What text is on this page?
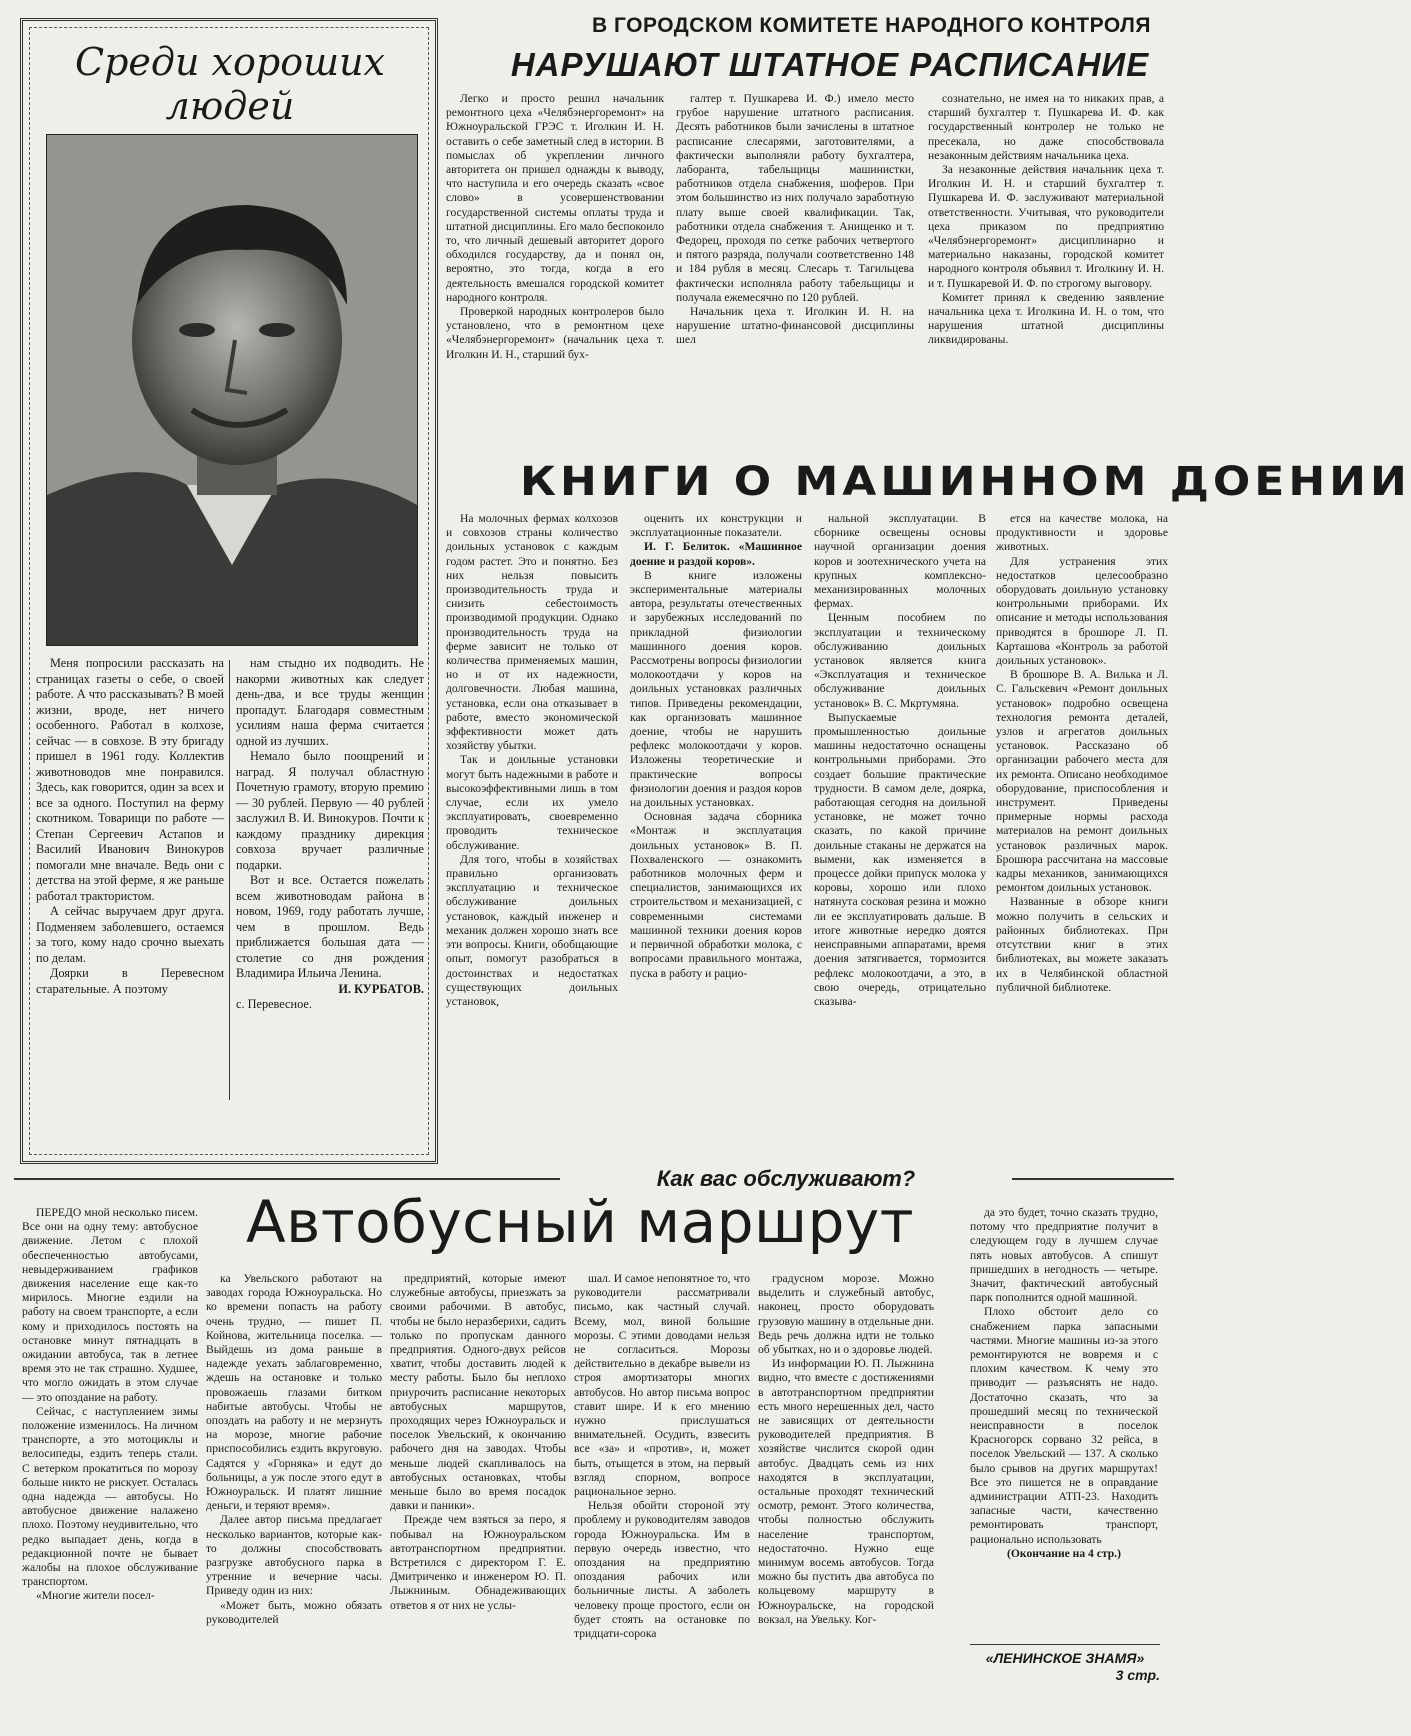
Среди хороших людей

Меня попросили рассказать на страницах газеты о себе, о своей работе. А что рассказывать? В моей жизни, вроде, нет ничего особенного. Работал в колхозе, сейчас — в совхозе. В эту бригаду пришел в 1961 году. Коллектив животноводов мне понравился. Здесь, как говорится, один за всех и все за одного. Поступил на ферму скотником. Товарищи по работе — Степан Сергеевич Астапов и Василий Иванович Винокуров помогали мне вначале. Ведь они с детства на этой ферме, я же раньше работал трактористом.

А сейчас выручаем друг друга. Подменяем заболевшего, остаемся за того, кому надо срочно выехать по делам.

Доярки в Перевесном старательные. А поэтому

нам стыдно их подводить. Не накорми животных как следует день-два, и все труды женщин пропадут. Благодаря совместным усилиям наша ферма считается одной из лучших.

Немало было поощрений и наград. Я получал областную Почетную грамоту, вторую премию — 30 рублей. Первую — 40 рублей заслужил В. И. Винокуров. Почти к каждому празднику дирекция совхоза вручает различные подарки.

Вот и все. Остается пожелать всем животноводам района в новом, 1969, году работать лучше, чем в прошлом. Ведь приближается большая дата — столетие со дня рождения Владимира Ильича Ленина.

И. КУРБАТОВ.
с. Перевесное.
В ГОРОДСКОМ КОМИТЕТЕ НАРОДНОГО КОНТРОЛЯ
НАРУШАЮТ ШТАТНОЕ РАСПИСАНИЕ

Легко и просто решил начальник ремонтного цеха «Челябэнергоремонт» на Южноуральской ГРЭС т. Иголкин И. Н. оставить о себе заметный след в истории. В помыслах об укреплении личного авторитета он пришел однажды к выводу, что наступила и его очередь сказать «свое слово» в усовершенствовании государственной системы оплаты труда и штатной дисциплины. Его мало беспокоило то, что личный дешевый авторитет дорого обходился государству, да и понял он, вероятно, это тогда, когда в его деятельность вмешался городской комитет народного контроля.

Проверкой народных контролеров было установлено, что в ремонтном цехе «Челябэнергоремонт» (начальник цеха т. Иголкин И. Н., старший бух-

галтер т. Пушкарева И. Ф.) имело место грубое нарушение штатного расписания. Десять работников были зачислены в штатное расписание слесарями, заготовителями, а фактически выполняли работу бухгалтера, лаборанта, табельщицы машинистки, работников отдела снабжения, шоферов. При этом большинство из них получало заработную плату выше своей квалификации. Так, работники отдела снабжения т. Анищенко и т. Федорец, проходя по сетке рабочих четвертого и пятого разряда, получали соответственно 148 и 184 рубля в месяц. Слесарь т. Тагильцева фактически исполняла работу табельщицы и получала ежемесячно по 120 рублей.

Начальник цеха т. Иголкин И. Н. на нарушение штатно-финансовой дисциплины шел

сознательно, не имея на то никаких прав, а старший бухгалтер т. Пушкарева И. Ф. как государственный контролер не только не пресекала, но даже способствовала незаконным действиям начальника цеха.

За незаконные действия начальник цеха т. Иголкин И. Н. и старший бухгалтер т. Пушкарева И. Ф. заслуживают материальной ответственности. Учитывая, что руководители цеха приказом по предприятию «Челябэнергоремонт» дисциплинарно и материально наказаны, городской комитет народного контроля объявил т. Иголкину И. Н. и т. Пушкаревой И. Ф. по строгому выговору.

Комитет принял к сведению заявление начальника цеха т. Иголкина И. Н. о том, что нарушения штатной дисциплины ликвидированы.

КНИГИ О МАШИННОМ ДОЕНИИ

На молочных фермах колхозов и совхозов страны количество доильных установок с каждым годом растет. Это и понятно. Без них нельзя повысить производительность труда и снизить себестоимость производимой продукции. Однако производительность труда на ферме зависит не только от количества применяемых машин, но и от их надежности, долговечности. Любая машина, установка, если она отказывает в работе, вместо экономической эффективности может дать хозяйству убытки.

Так и доильные установки могут быть надежными в работе и высокоэффективными лишь в том случае, если их умело эксплуатировать, своевременно проводить техническое обслуживание.

Для того, чтобы в хозяйствах правильно организовать эксплуатацию и техническое обслуживание доильных установок, каждый инженер и механик должен хорошо знать все эти вопросы. Книги, обобщающие опыт, помогут разобраться в достоинствах и недостатках существующих доильных установок,

оценить их конструкции и эксплуатационные показатели.

И. Г. Белиток. «Машинное доение и раздой коров».

В книге изложены экспериментальные материалы автора, результаты отечественных и зарубежных исследований по прикладной физиологии машинного доения коров. Рассмотрены вопросы физиологии молокоотдачи у коров на доильных установках различных типов. Приведены рекомендации, как организовать машинное доение, чтобы не нарушить рефлекс молокоотдачи у коров. Изложены теоретические и практические вопросы физиологии доения и раздоя коров на доильных установках.

Основная задача сборника «Монтаж и эксплуатация доильных установок» В. П. Похваленского — ознакомить работников молочных ферм и специалистов, занимающихся их строительством и механизацией, с современными системами машинной техники доения коров и первичной обработки молока, с вопросами правильного монтажа, пуска в работу и рацио-

нальной эксплуатации. В сборнике освещены основы научной организации доения коров и зоотехнического учета на крупных комплексно-механизированных молочных фермах.

Ценным пособием по эксплуатации и техническому обслуживанию доильных установок является книга «Эксплуатация и техническое обслуживание доильных установок» В. С. Мкртумяна.

Выпускаемые промышленностью доильные машины недостаточно оснащены контрольными приборами. Это создает большие практические трудности. В самом деле, доярка, работающая сегодня на доильной установке, не может точно сказать, по какой причине доильные стаканы не держатся на вымени, как изменяется в процессе дойки припуск молока у коровы, хорошо или плохо натянута сосковая резина и можно ли ее эксплуатировать дальше. В итоге животные нередко доятся неисправными аппаратами, время доения затягивается, тормозится рефлекс молокоотдачи, а это, в свою очередь, отрицательно сказыва-

ется на качестве молока, на продуктивности и здоровье животных.

Для устранения этих недостатков целесообразно оборудовать доильную установку контрольными приборами. Их описание и методы использования приводятся в брошюре Л. П. Карташова «Контроль за работой доильных установок».

В брошюре В. А. Вилька и Л. С. Гальскевич «Ремонт доильных установок» подробно освещена технология ремонта деталей, узлов и агрегатов доильных установок. Рассказано об организации рабочего места для их ремонта. Описано необходимое оборудование, приспособления и инструмент. Приведены примерные нормы расхода материалов на ремонт доильных установок различных марок. Брошюра рассчитана на массовые кадры механиков, занимающихся ремонтом доильных установок.

Названные в обзоре книги можно получить в сельских и районных библиотеках. При отсутствии книг в этих библиотеках, вы можете заказать их в Челябинской областной публичной библиотеке.

Как вас обслуживают?
Автобусный маршрут

ПЕРЕДО мной несколько писем. Все они на одну тему: автобусное движение. Летом с плохой обеспеченностью автобусами, невыдерживанием графиков движения население еще как-то мирилось. Многие ездили на работу на своем транспорте, а если кому и приходилось постоять на остановке минут пятнадцать в ожидании автобуса, так в летнее время это не так страшно. Худшее, что могло ожидать в этом случае — это опоздание на работу.

Сейчас, с наступлением зимы положение изменилось. На личном транспорте, а это мотоциклы и велосипеды, ездить теперь стали. С ветерком прокатиться по морозу больше никто не рискует. Осталась одна надежда — автобусы. Но автобусное движение налажено плохо. Поэтому неудивительно, что редко выпадает день, когда в редакционной почте не бывает жалобы на плохое обслуживание транспортом.

«Многие жители посел-

ка Увельского работают на заводах города Южноуральска. Но ко времени попасть на работу очень трудно, — пишет П. Койнова, жительница поселка. — Выйдешь из дома раньше в надежде уехать заблаговременно, ждешь на остановке и только провожаешь глазами битком набитые автобусы. Чтобы не опоздать на работу и не мерзнуть на морозе, многие рабочие приспособились ездить вкруговую. Садятся у «Горняка» и едут до больницы, а уж после этого едут в Южноуральск. И платят лишние деньги, и теряют время».

Далее автор письма предлагает несколько вариантов, которые как-то должны способствовать разгрузке автобусного парка в утренние и вечерние часы. Приведу один из них:

«Может быть, можно обязать руководителей

предприятий, которые имеют служебные автобусы, приезжать за своими рабочими. В автобус, чтобы не было неразберихи, садить только по пропускам данного предприятия. Одного-двух рейсов хватит, чтобы доставить людей к месту работы. Было бы неплохо приурочить расписание некоторых автобусных маршрутов, проходящих через Южноуральск и поселок Увельский, к окончанию рабочего дня на заводах. Чтобы меньше людей скапливалось на автобусных остановках, чтобы меньше было во время посадок давки и паники».

Прежде чем взяться за перо, я побывал на Южноуральском автотранспортном предприятии. Встретился с директором Г. Е. Дмитриченко и инженером Ю. П. Лыжниным. Обнадеживающих ответов я от них не услы-

шал. И самое непонятное то, что руководители рассматривали письмо, как частный случай. Всему, мол, виной большие морозы. С этими доводами нельзя не согласиться. Морозы действительно в декабре вывели из строя амортизаторы многих автобусов. Но автор письма вопрос ставит шире. И к его мнению нужно прислушаться внимательней. Осудить, взвесить все «за» и «против», и, может быть, отыщется в этом, на первый взгляд спорном, вопросе рациональное зерно.

Нельзя обойти стороной эту проблему и руководителям заводов города Южноуральска. Им в первую очередь известно, что опоздания на предприятию опоздания рабочих или больничные листы. А заболеть человеку проще простого, если он будет стоять на остановке по тридцати-сорока

градусном морозе. Можно выделить и служебный автобус, наконец, просто оборудовать грузовую машину в отдельные дни. Ведь речь должна идти не только об убытках, но и о здоровье людей.

Из информации Ю. П. Лыжнина видно, что вместе с достижениями в автотранспортном предприятии есть много нерешенных дел, часто не зависящих от деятельности руководителей предприятия. В хозяйстве числится скорой один автобус. Двадцать семь из них находятся в эксплуатации, остальные проходят технический осмотр, ремонт. Этого количества, чтобы полностью обслужить население транспортом, недостаточно. Нужно еще минимум восемь автобусов. Тогда можно бы пустить два автобуса по кольцевому маршруту в Южноуральске, на городской вокзал, на Увельку. Ког-

да это будет, точно сказать трудно, потому что предприятие получит в следующем году в лучшем случае пять новых автобусов. А спишут пришедших в негодность — четыре. Значит, фактический автобусный парк пополнится одной машиной.

Плохо обстоит дело со снабжением парка запасными частями. Многие машины из-за этого ремонтируются не вовремя и с плохим качеством. К чему это приводит — разъяснять не надо. Достаточно сказать, что за прошедший месяц по технической неисправности в поселок Красногорск сорвано 32 рейса, в поселок Увельский — 137. А сколько было срывов на других маршрутах! Все это пишется не в оправдание администрации АТП-23. Находить запасные части, качественно ремонтировать транспорт, рационально использовать

(Окончание на 4 стр.)

«ЛЕНИНСКОЕ ЗНАМЯ»
3 стр.
